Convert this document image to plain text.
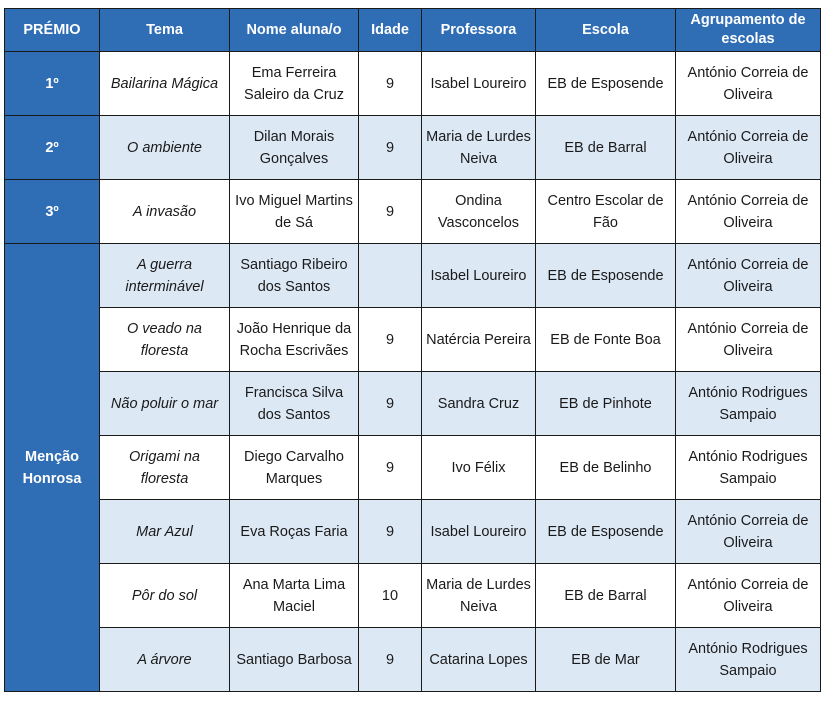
PRÉMIO	Tema	Nome aluna/o	Idade	Professora	Escola	Agrupamento de escolas
1º	Bailarina Mágica	Ema Ferreira Saleiro da Cruz	9	Isabel Loureiro	EB de Esposende	António Correia de Oliveira
2º	O ambiente	Dilan Morais Gonçalves	9	Maria de Lurdes Neiva	EB de Barral	António Correia de Oliveira
3º	A invasão	Ivo Miguel Martins de Sá	9	Ondina Vasconcelos	Centro Escolar de Fão	António Correia de Oliveira
Menção Honrosa	A guerra interminável	Santiago Ribeiro dos Santos		Isabel Loureiro	EB de Esposende	António Correia de Oliveira
	O veado na floresta	João Henrique da Rocha Escrivães	9	Natércia Pereira	EB de Fonte Boa	António Correia de Oliveira
	Não poluir o mar	Francisca Silva dos Santos	9	Sandra Cruz	EB de Pinhote	António Rodrigues Sampaio
	Origami na floresta	Diego Carvalho Marques	9	Ivo Félix	EB de Belinho	António Rodrigues Sampaio
	Mar Azul	Eva Roças Faria	9	Isabel Loureiro	EB de Esposende	António Correia de Oliveira
	Pôr do sol	Ana Marta Lima Maciel	10	Maria de Lurdes Neiva	EB de Barral	António Correia de Oliveira
	A árvore	Santiago Barbosa	9	Catarina Lopes	EB de Mar	António Rodrigues Sampaio
